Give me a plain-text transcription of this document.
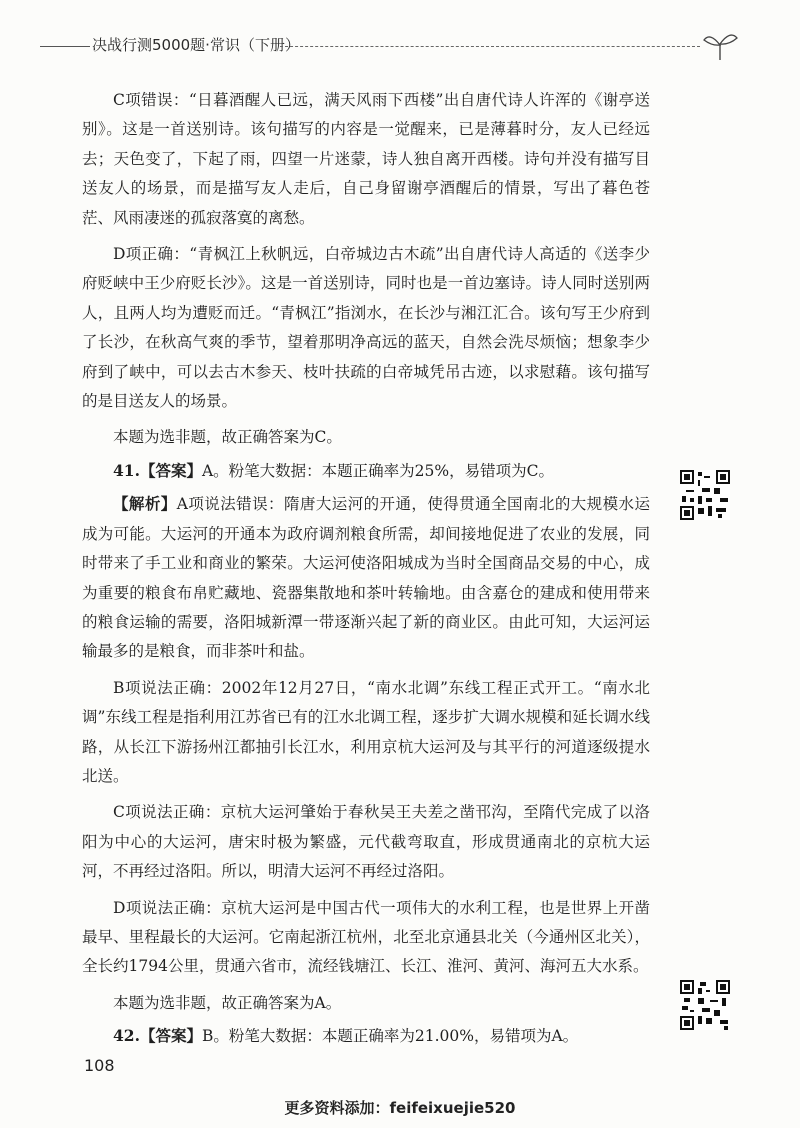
决战行测5000题·常识（下册）

C项错误：“日暮酒醒人已远，满天风雨下西楼”出自唐代诗人许浑的《谢亭送别》。这是一首送别诗。该句描写的内容是一觉醒来，已是薄暮时分，友人已经远去；天色变了，下起了雨，四望一片迷蒙，诗人独自离开西楼。诗句并没有描写目送友人的场景，而是描写友人走后，自己身留谢亭酒醒后的情景，写出了暮色苍茫、风雨凄迷的孤寂落寞的离愁。

D项正确：“青枫江上秋帆远，白帝城边古木疏”出自唐代诗人高适的《送李少府贬峡中王少府贬长沙》。这是一首送别诗，同时也是一首边塞诗。诗人同时送别两人，且两人均为遭贬而迁。“青枫江”指浏水，在长沙与湘江汇合。该句写王少府到了长沙，在秋高气爽的季节，望着那明净高远的蓝天，自然会洗尽烦恼；想象李少府到了峡中，可以去古木参天、枝叶扶疏的白帝城凭吊古迹，以求慰藉。该句描写的是目送友人的场景。

本题为选非题，故正确答案为C。

41.【答案】A。粉笔大数据：本题正确率为25%，易错项为C。

【解析】A项说法错误：隋唐大运河的开通，使得贯通全国南北的大规模水运成为可能。大运河的开通本为政府调剂粮食所需，却间接地促进了农业的发展，同时带来了手工业和商业的繁荣。大运河使洛阳城成为当时全国商品交易的中心，成为重要的粮食布帛贮藏地、瓷器集散地和茶叶转输地。由含嘉仓的建成和使用带来的粮食运输的需要，洛阳城新潭一带逐渐兴起了新的商业区。由此可知，大运河运输最多的是粮食，而非茶叶和盐。

B项说法正确：2002年12月27日，“南水北调”东线工程正式开工。“南水北调”东线工程是指利用江苏省已有的江水北调工程，逐步扩大调水规模和延长调水线路，从长江下游扬州江都抽引长江水，利用京杭大运河及与其平行的河道逐级提水北送。

C项说法正确：京杭大运河肇始于春秋吴王夫差之凿邗沟，至隋代完成了以洛阳为中心的大运河，唐宋时极为繁盛，元代截弯取直，形成贯通南北的京杭大运河，不再经过洛阳。所以，明清大运河不再经过洛阳。

D项说法正确：京杭大运河是中国古代一项伟大的水利工程，也是世界上开凿最早、里程最长的大运河。它南起浙江杭州，北至北京通县北关（今通州区北关），全长约1794公里，贯通六省市，流经钱塘江、长江、淮河、黄河、海河五大水系。

本题为选非题，故正确答案为A。

42.【答案】B。粉笔大数据：本题正确率为21.00%，易错项为A。

108
更多资料添加：feifeixuejie520
